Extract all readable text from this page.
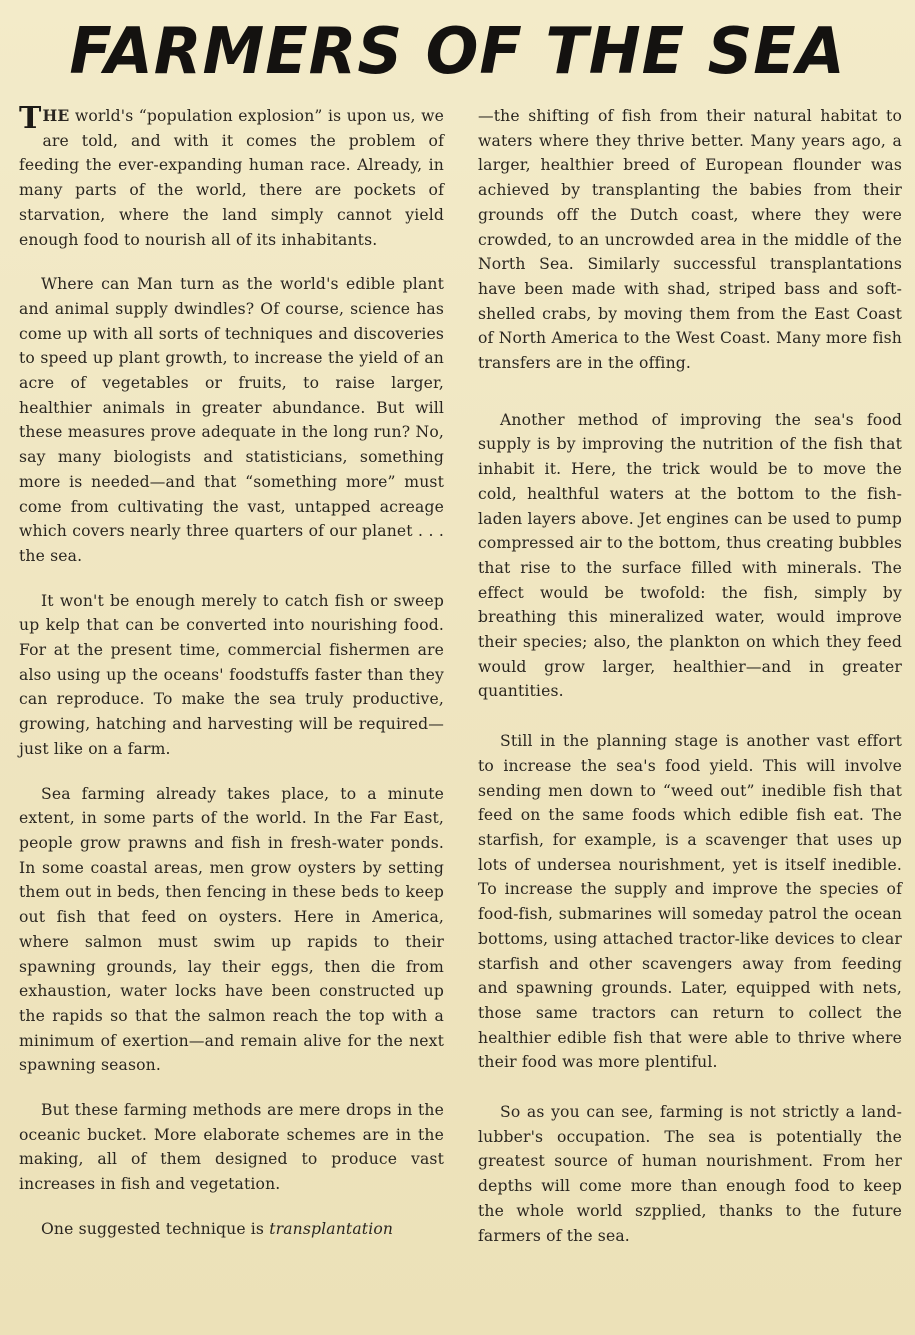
FARMERS OF THE SEA

THE world's “population explosion” is upon us, we are told, and with it comes the problem of feeding the ever-expanding human race. Already, in many parts of the world, there are pockets of starvation, where the land simply cannot yield enough food to nourish all of its inhabitants.

Where can Man turn as the world's edible plant and animal supply dwindles? Of course, science has come up with all sorts of techniques and discoveries to speed up plant growth, to increase the yield of an acre of vegetables or fruits, to raise larger, healthier animals in greater abundance. But will these measures prove adequate in the long run? No, say many biologists and statisticians, something more is needed—and that “something more” must come from cultivating the vast, untapped acreage which covers nearly three quarters of our planet . . . the sea.

It won't be enough merely to catch fish or sweep up kelp that can be converted into nourishing food. For at the present time, commercial fishermen are also using up the oceans' foodstuffs faster than they can reproduce. To make the sea truly productive, growing, hatching and harvesting will be required—just like on a farm.

Sea farming already takes place, to a minute extent, in some parts of the world. In the Far East, people grow prawns and fish in fresh-water ponds. In some coastal areas, men grow oysters by setting them out in beds, then fencing in these beds to keep out fish that feed on oysters. Here in America, where salmon must swim up rapids to their spawning grounds, lay their eggs, then die from exhaustion, water locks have been constructed up the rapids so that the salmon reach the top with a minimum of exertion—and remain alive for the next spawning season.

But these farming methods are mere drops in the oceanic bucket. More elaborate schemes are in the making, all of them designed to produce vast increases in fish and vegetation.

One suggested technique is transplantation

—the shifting of fish from their natural habitat to waters where they thrive better. Many years ago, a larger, healthier breed of European flounder was achieved by transplanting the babies from their grounds off the Dutch coast, where they were crowded, to an uncrowded area in the middle of the North Sea. Similarly successful transplantations have been made with shad, striped bass and soft-shelled crabs, by moving them from the East Coast of North America to the West Coast. Many more fish transfers are in the offing.

Another method of improving the sea's food supply is by improving the nutrition of the fish that inhabit it. Here, the trick would be to move the cold, healthful waters at the bottom to the fish-laden layers above. Jet engines can be used to pump compressed air to the bottom, thus creating bubbles that rise to the surface filled with minerals. The effect would be twofold: the fish, simply by breathing this mineralized water, would improve their species; also, the plankton on which they feed would grow larger, healthier—and in greater quantities.

Still in the planning stage is another vast effort to increase the sea's food yield. This will involve sending men down to “weed out” inedible fish that feed on the same foods which edible fish eat. The starfish, for example, is a scavenger that uses up lots of undersea nourishment, yet is itself inedible. To increase the supply and improve the species of food-fish, submarines will someday patrol the ocean bottoms, using attached tractor-like devices to clear starfish and other scavengers away from feeding and spawning grounds. Later, equipped with nets, those same tractors can return to collect the healthier edible fish that were able to thrive where their food was more plentiful.

So as you can see, farming is not strictly a land-lubber's occupation. The sea is potentially the greatest source of human nourishment. From her depths will come more than enough food to keep the whole world sᴢpplied, thanks to the future farmers of the sea.
